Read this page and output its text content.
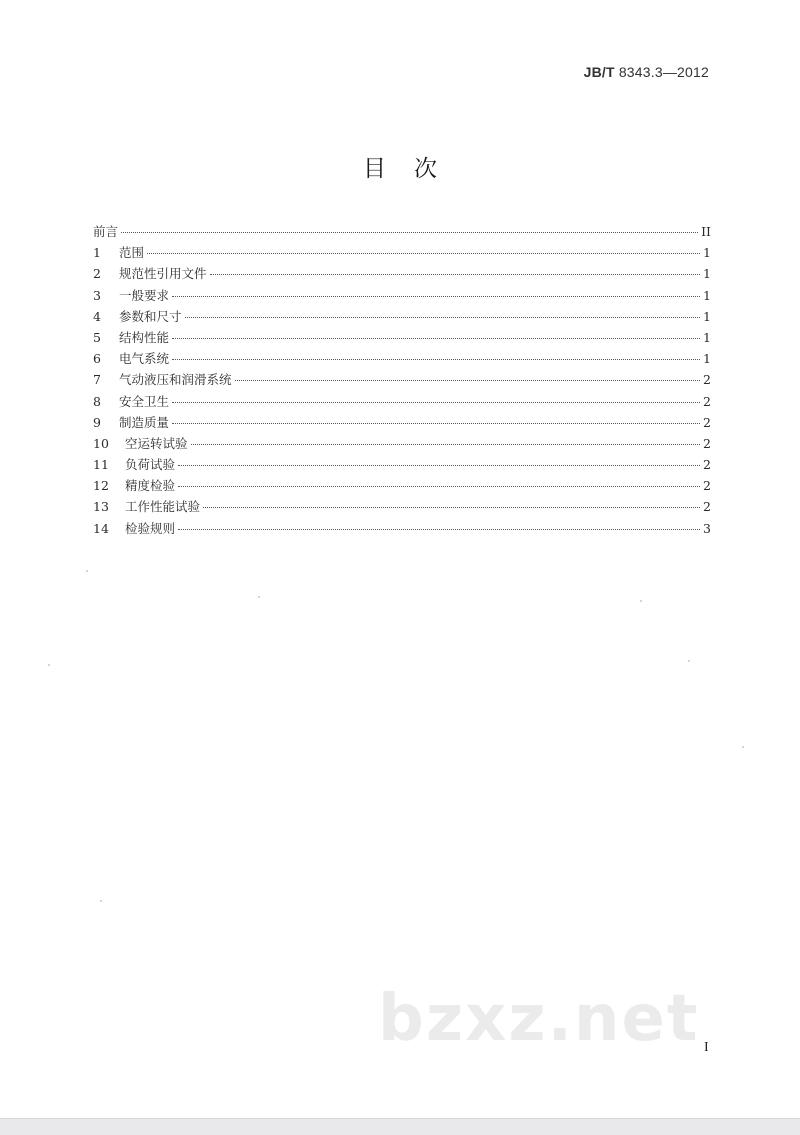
JB/T 8343.3—2012
目次
前言	II
1	范围	1
2	规范性引用文件	1
3	一般要求	1
4	参数和尺寸	1
5	结构性能	1
6	电气系统	1
7	气动液压和润滑系统	2
8	安全卫生	2
9	制造质量	2
10	空运转试验	2
11	负荷试验	2
12	精度检验	2
13	工作性能试验	2
14	检验规则	3
bzxz.net I
